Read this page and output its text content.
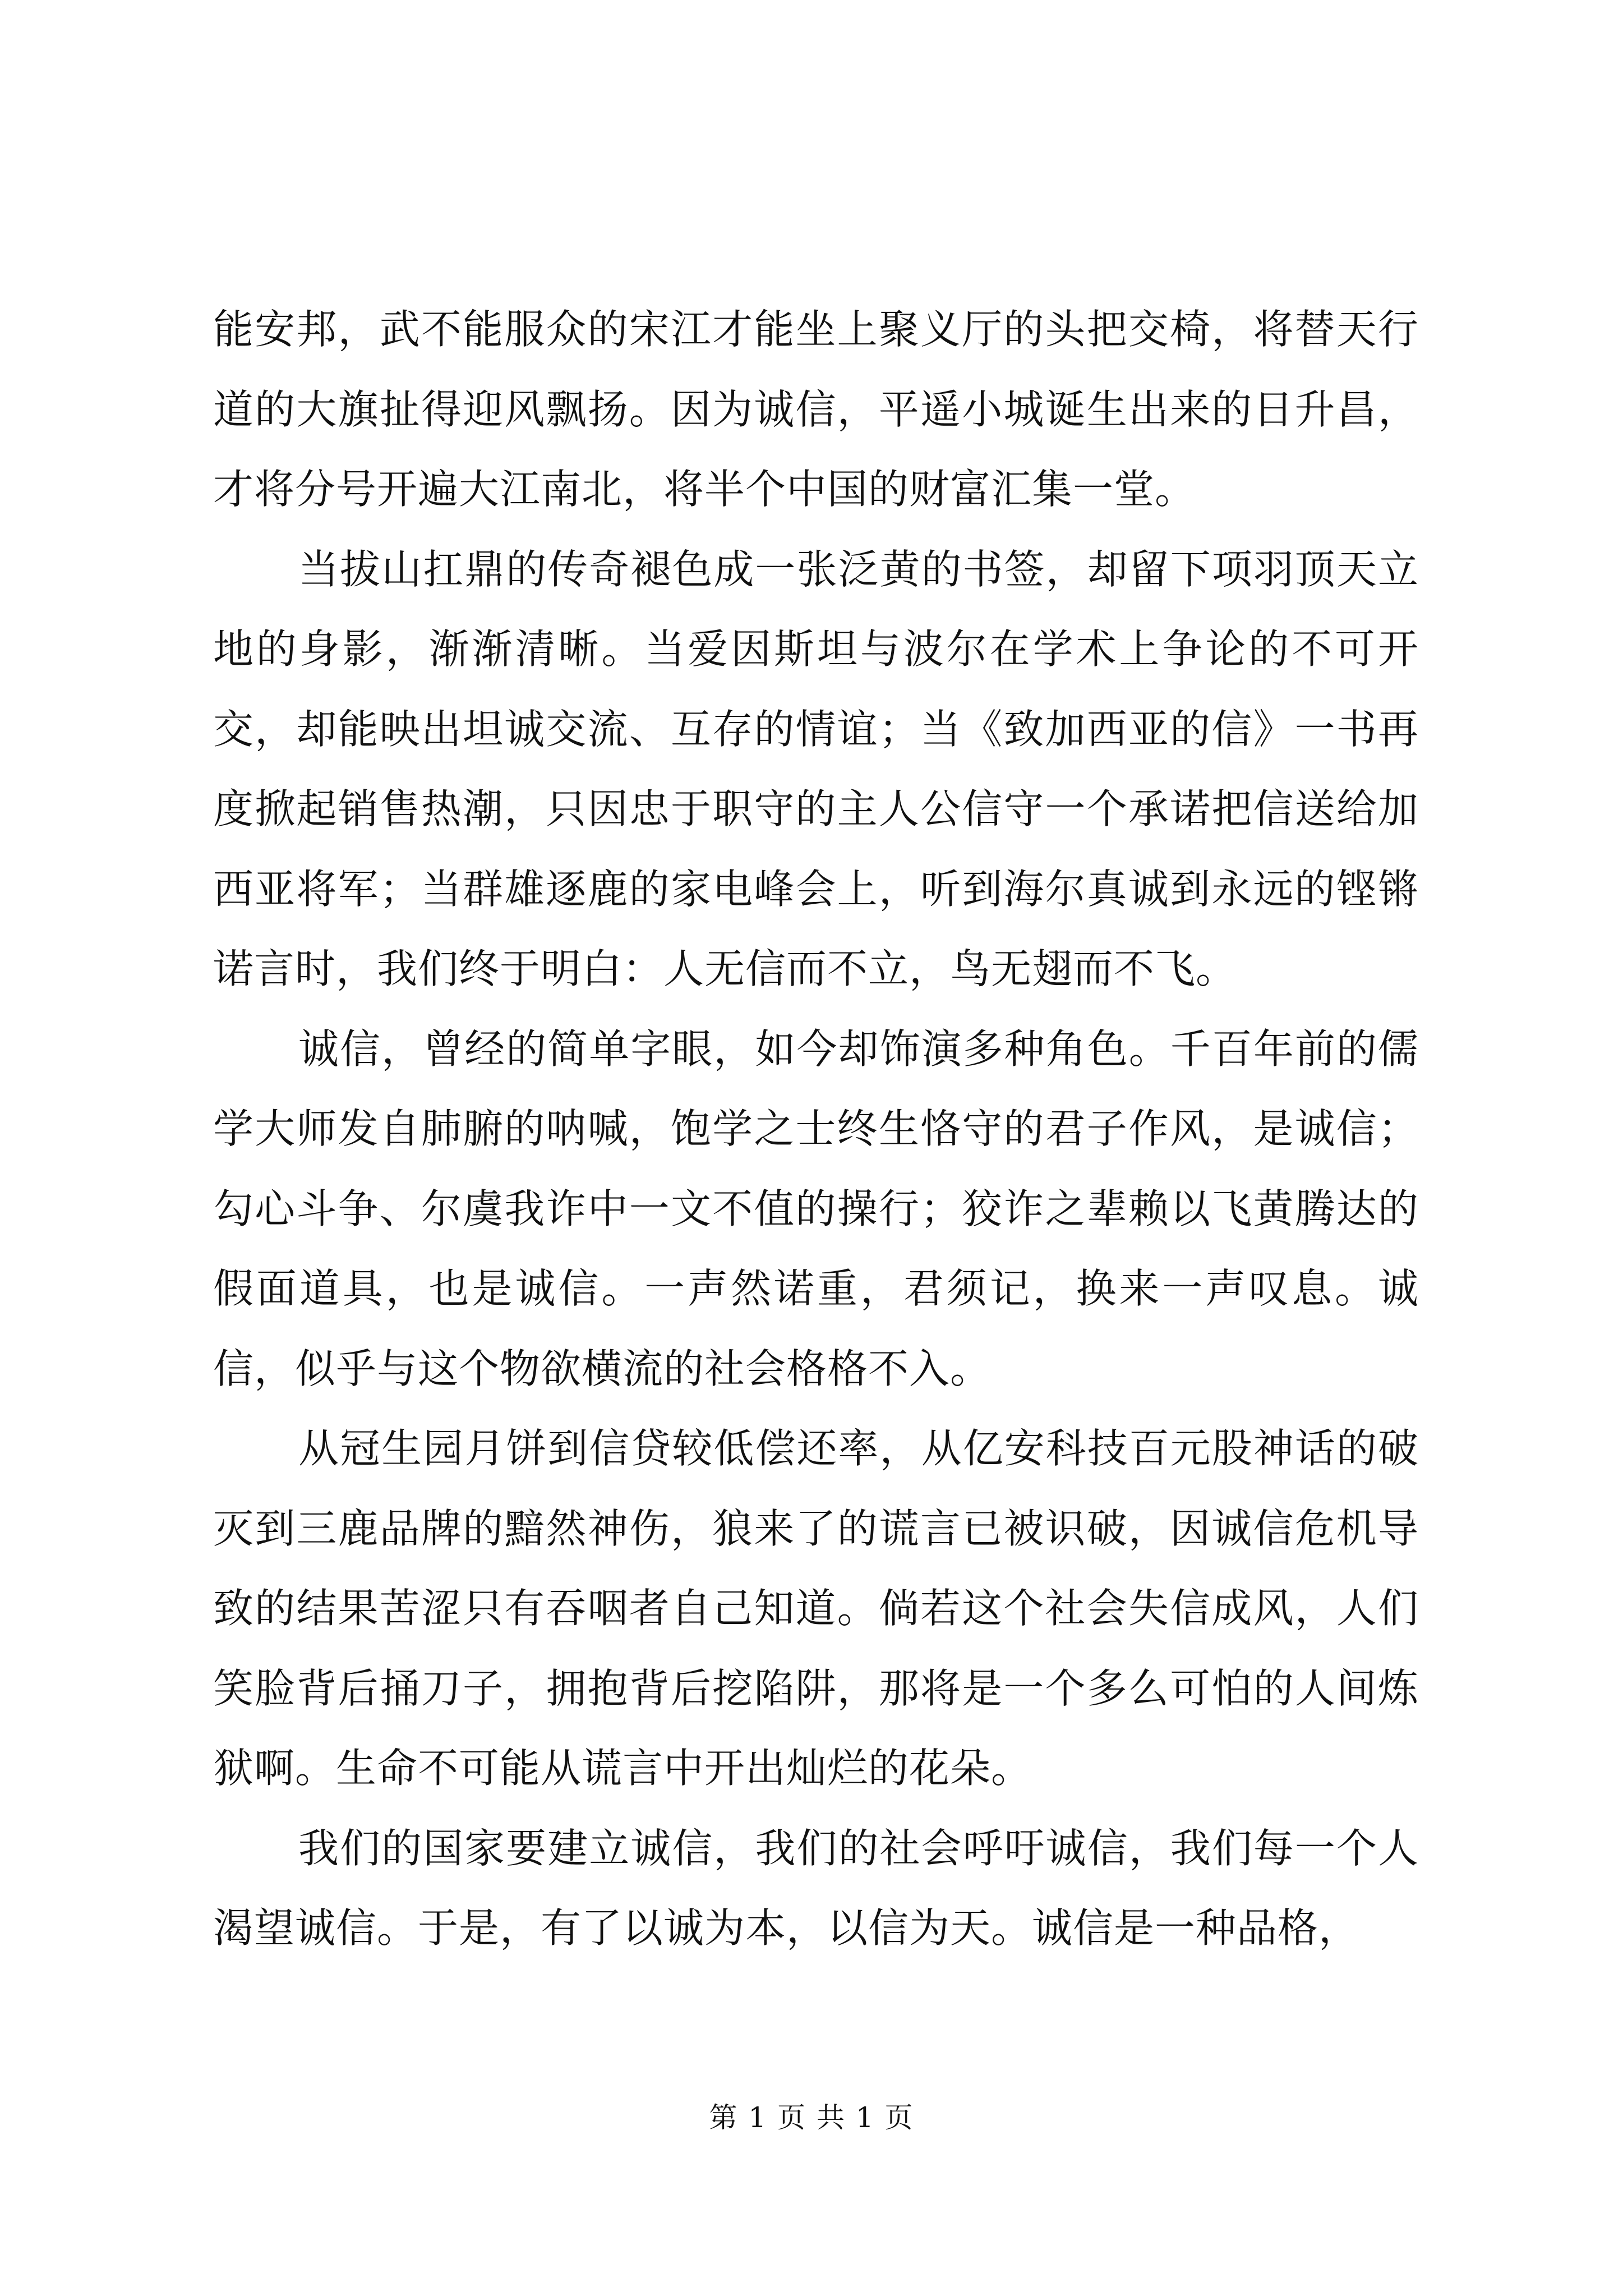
能安邦，武不能服众的宋江才能坐上聚义厅的头把交椅，将替天行道的大旗扯得迎风飘扬。因为诚信，平遥小城诞生出来的日升昌，才将分号开遍大江南北，将半个中国的财富汇集一堂。

当拔山扛鼎的传奇褪色成一张泛黄的书签，却留下项羽顶天立地的身影，渐渐清晰。当爱因斯坦与波尔在学术上争论的不可开交，却能映出坦诚交流、互存的情谊；当《致加西亚的信》一书再度掀起销售热潮，只因忠于职守的主人公信守一个承诺把信送给加西亚将军；当群雄逐鹿的家电峰会上，听到海尔真诚到永远的铿锵诺言时，我们终于明白：人无信而不立，鸟无翅而不飞。

诚信，曾经的简单字眼，如今却饰演多种角色。千百年前的儒学大师发自肺腑的呐喊，饱学之士终生恪守的君子作风，是诚信；勾心斗争、尔虞我诈中一文不值的操行；狡诈之辈赖以飞黄腾达的假面道具，也是诚信。一声然诺重，君须记，换来一声叹息。诚信，似乎与这个物欲横流的社会格格不入。

从冠生园月饼到信贷较低偿还率，从亿安科技百元股神话的破灭到三鹿品牌的黯然神伤，狼来了的谎言已被识破，因诚信危机导致的结果苦涩只有吞咽者自己知道。倘若这个社会失信成风，人们笑脸背后捅刀子，拥抱背后挖陷阱，那将是一个多么可怕的人间炼狱啊。生命不可能从谎言中开出灿烂的花朵。

我们的国家要建立诚信，我们的社会呼吁诚信，我们每一个人渴望诚信。于是，有了以诚为本，以信为天。诚信是一种品格，

第 1 页 共 1 页
